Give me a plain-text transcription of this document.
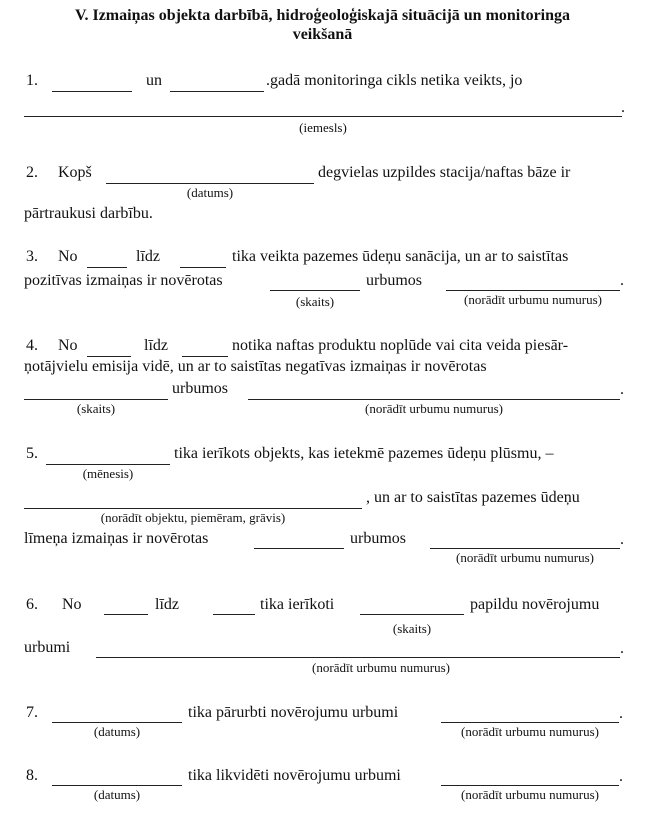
V. Izmaiņas objekta darbībā, hidroģeoloģiskajā situācijā un monitoringa
veikšanā
1.	un	.gadā monitoringa cikls netika veikts, jo
.
(iemesls)
2. Kopš	degvielas uzpildes stacija/naftas bāze ir
(datums)
pārtraukusi darbību.
3. No	līdz	tika veikta pazemes ūdeņu sanācija, un ar to saistītas
pozitīvas izmaiņas ir novērotas	urbumos	.
(skaits)	(norādīt urbumu numurus)
4. No	līdz	notika naftas produktu noplūde vai cita veida piesār-
ņotājvielu emisija vidē, un ar to saistītas negatīvas izmaiņas ir novērotas
urbumos	.
(skaits)	(norādīt urbumu numurus)
5.	tika ierīkots objekts, kas ietekmē pazemes ūdeņu plūsmu, –
(mēnesis)
, un ar to saistītas pazemes ūdeņu
(norādīt objektu, piemēram, grāvis)
līmeņa izmaiņas ir novērotas	urbumos	.
(norādīt urbumu numurus)
6. No	līdz	tika ierīkoti	papildu novērojumu
(skaits)
urbumi	.
(norādīt urbumu numurus)
7.	tika pārurbti novērojumu urbumi	.
(datums)	(norādīt urbumu numurus)
8.	tika likvidēti novērojumu urbumi	.
(datums)	(norādīt urbumu numurus)
